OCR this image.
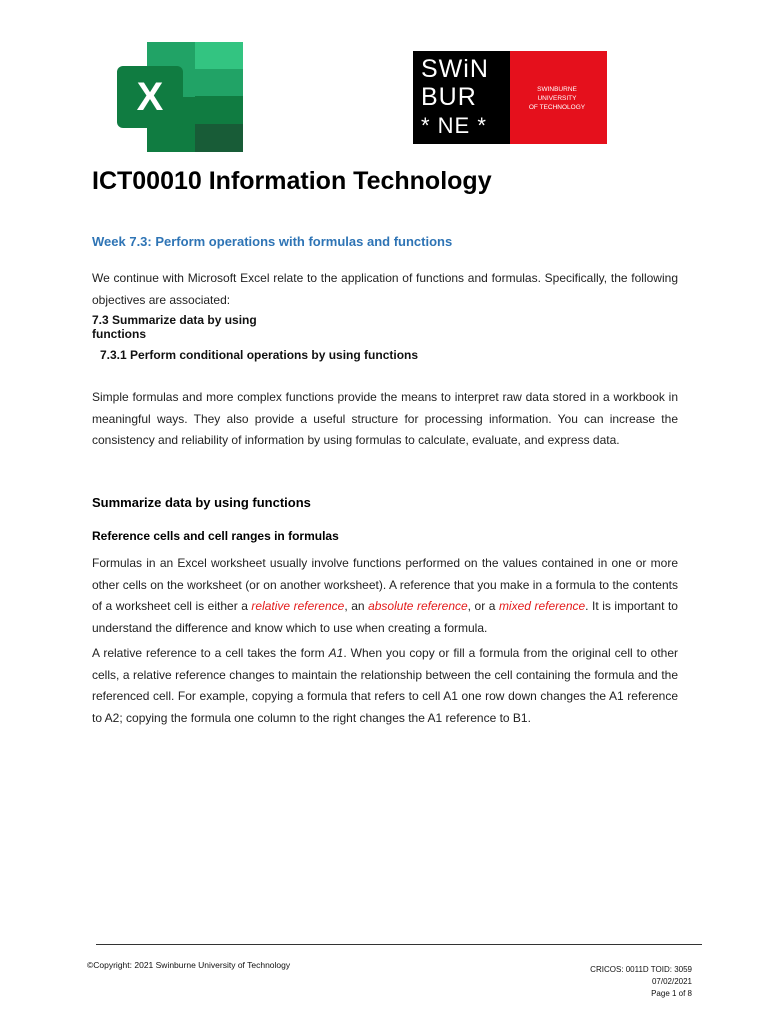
X
SWiN
BUR
* NE *
SWINBURNE UNIVERSITY
OF TECHNOLOGY
ICT00010 Information Technology
Week 7.3: Perform operations with formulas and functions
We continue with Microsoft Excel relate to the application of functions and formulas. Specifically, the following objectives are associated:
7.3 Summarize data by using functions
7.3.1 Perform conditional operations by using functions
Simple formulas and more complex functions provide the means to interpret raw data stored in a workbook in meaningful ways. They also provide a useful structure for processing information. You can increase the consistency and reliability of information by using formulas to calculate, evaluate, and express data.
Summarize data by using functions
Reference cells and cell ranges in formulas
Formulas in an Excel worksheet usually involve functions performed on the values contained in one or more other cells on the worksheet (or on another worksheet). A reference that you make in a formula to the contents of a worksheet cell is either a relative reference, an absolute reference, or a mixed reference. It is important to understand the difference and know which to use when creating a formula.
A relative reference to a cell takes the form A1. When you copy or fill a formula from the original cell to other cells, a relative reference changes to maintain the relationship between the cell containing the formula and the referenced cell. For example, copying a formula that refers to cell A1 one row down changes the A1 reference to A2; copying the formula one column to the right changes the A1 reference to B1.
©Copyright: 2021 Swinburne University of Technology	CRICOS: 0011D TOID: 3059
07/02/2021
Page 1 of 8
